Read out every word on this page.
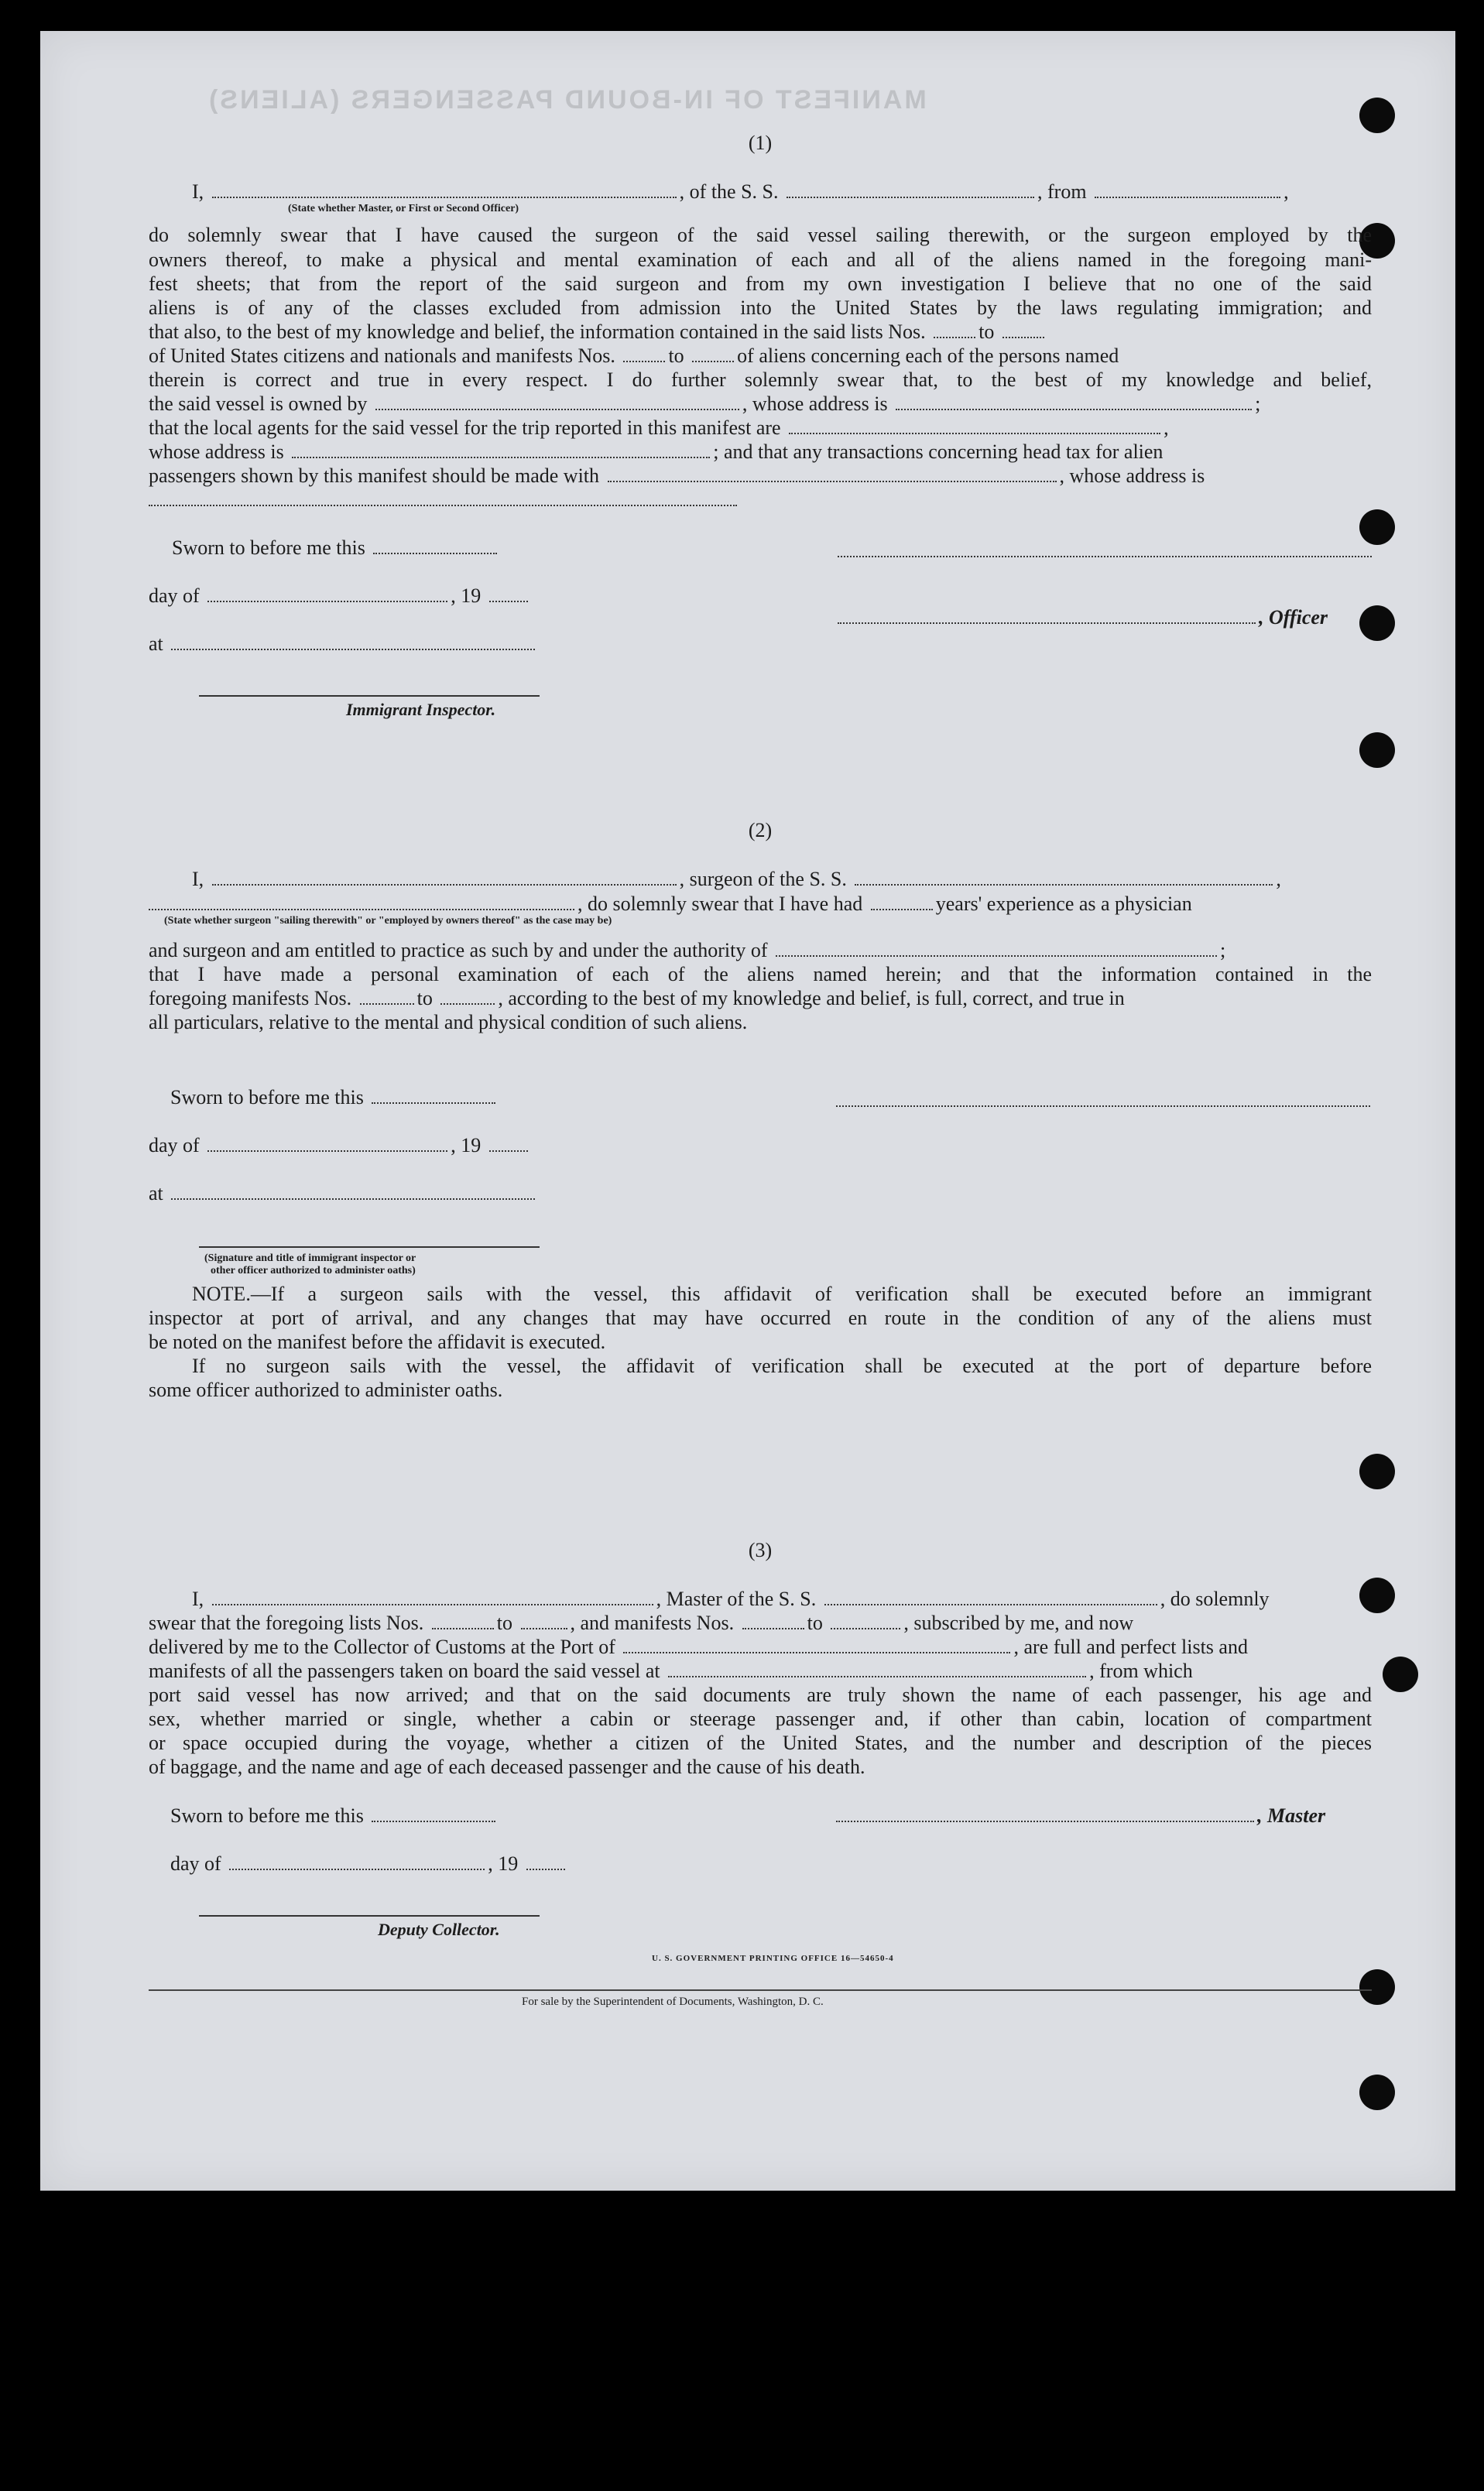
MANIFEST OF IN-BOUND PASSENGERS (ALIENS)
(1)
I,	, of the S. S.	, from	,
(State whether Master, or First or Second Officer)
do solemnly swear that I have caused the surgeon of the said vessel sailing therewith, or the surgeon employed by the
owners thereof, to make a physical and mental examination of each and all of the aliens named in the foregoing mani-
fest sheets; that from the report of the said surgeon and from my own investigation I believe that no one of the said
aliens is of any of the classes excluded from admission into the United States by the laws regulating immigration; and
that also, to the best of my knowledge and belief, the information contained in the said lists Nos.	to
of United States citizens and nationals and manifests Nos.	to	of aliens concerning each of the persons named
therein is correct and true in every respect. I do further solemnly swear that, to the best of my knowledge and belief,
the said vessel is owned by	, whose address is	;
that the local agents for the said vessel for the trip reported in this manifest are	,
whose address is	; and that any transactions concerning head tax for alien
passengers shown by this manifest should be made with	, whose address is
Sworn to before me this
day of	, 19
, Officer
at
Immigrant Inspector.
(2)
I,	, surgeon of the S. S.	,
, do solemnly swear that I have had	years' experience as a physician
(State whether surgeon "sailing therewith" or "employed by owners thereof" as the case may be)
and surgeon and am entitled to practice as such by and under the authority of	;
that I have made a personal examination of each of the aliens named herein; and that the information contained in the
foregoing manifests Nos.	to	, according to the best of my knowledge and belief, is full, correct, and true in
all particulars, relative to the mental and physical condition of such aliens.
Sworn to before me this
day of	, 19
at
(Signature and title of immigrant inspector or
other officer authorized to administer oaths)
NOTE.—If a surgeon sails with the vessel, this affidavit of verification shall be executed before an immigrant
inspector at port of arrival, and any changes that may have occurred en route in the condition of any of the aliens must
be noted on the manifest before the affidavit is executed.
If no surgeon sails with the vessel, the affidavit of verification shall be executed at the port of departure before
some officer authorized to administer oaths.
(3)
I,	, Master of the S. S.	, do solemnly
swear that the foregoing lists Nos.	to	, and manifests Nos.	to	, subscribed by me, and now
delivered by me to the Collector of Customs at the Port of	, are full and perfect lists and
manifests of all the passengers taken on board the said vessel at	, from which
port said vessel has now arrived; and that on the said documents are truly shown the name of each passenger, his age and
sex, whether married or single, whether a cabin or steerage passenger and, if other than cabin, location of compartment
or space occupied during the voyage, whether a citizen of the United States, and the number and description of the pieces
of baggage, and the name and age of each deceased passenger and the cause of his death.
Sworn to before me this	, Master
day of	, 19
Deputy Collector.
U. S. GOVERNMENT PRINTING OFFICE 16—54650-4
For sale by the Superintendent of Documents, Washington, D. C.
